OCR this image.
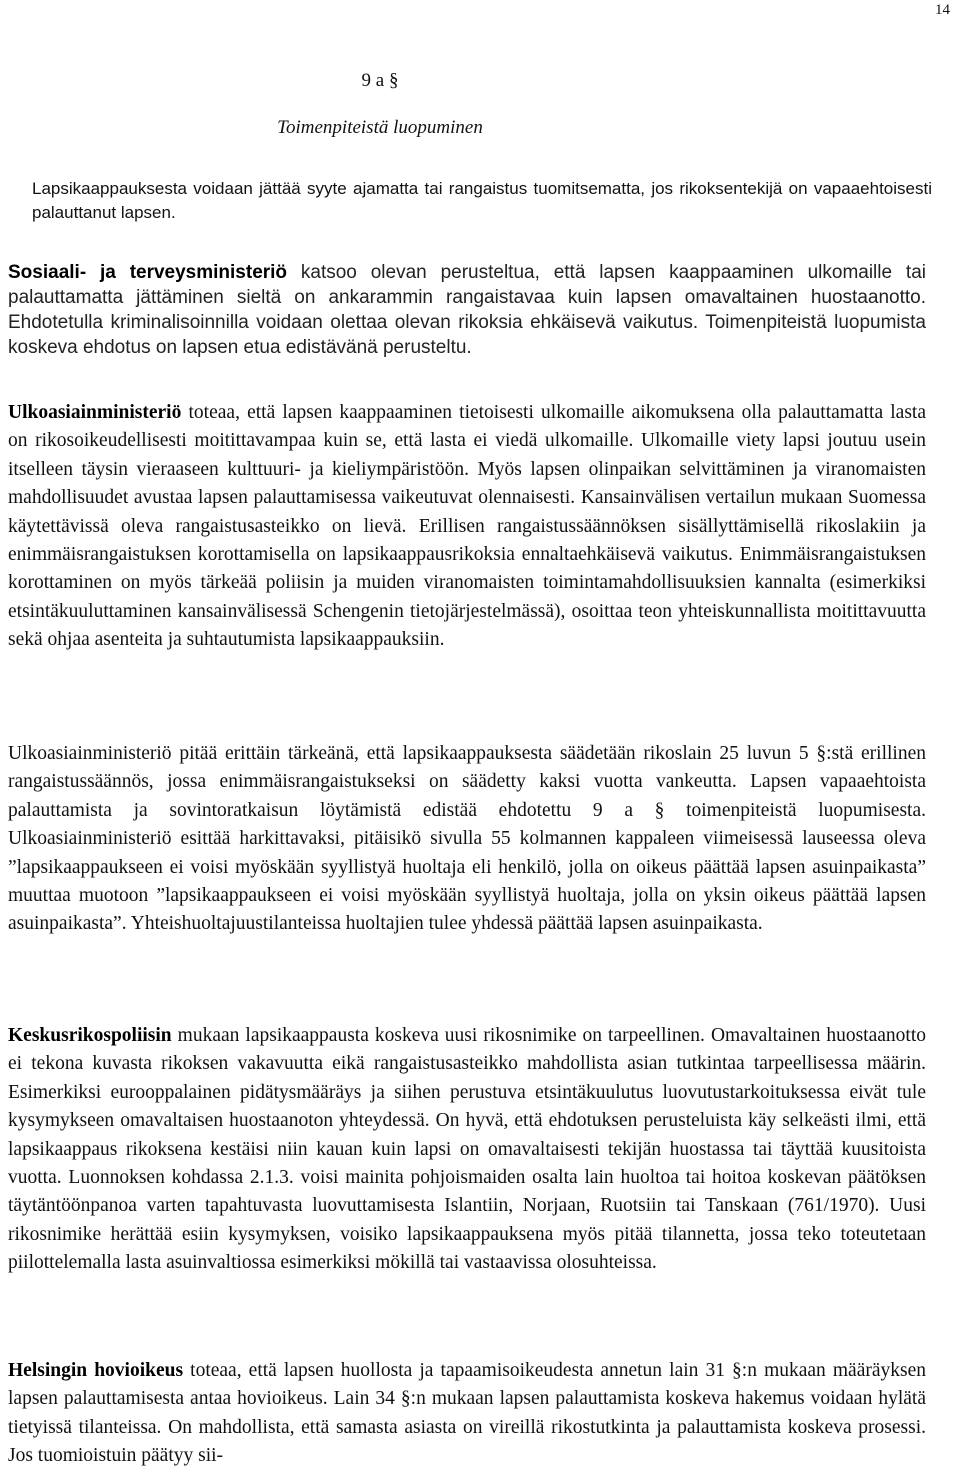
14
9 a §
Toimenpiteistä luopuminen

Lapsikaappauksesta voidaan jättää syyte ajamatta tai rangaistus tuomitsematta, jos rikoksentekijä on vapaaehtoisesti palauttanut lapsen.

Sosiaali- ja terveysministeriö katsoo olevan perusteltua, että lapsen kaappaaminen ulkomaille tai palauttamatta jättäminen sieltä on ankarammin rangaistavaa kuin lapsen omavaltainen huostaanotto. Ehdotetulla kriminalisoinnilla voidaan olettaa olevan rikoksia ehkäisevä vaikutus. Toimenpiteistä luopumista koskeva ehdotus on lapsen etua edistävänä perusteltu.

Ulkoasiainministeriö toteaa, että lapsen kaappaaminen tietoisesti ulkomaille aikomuksena olla palauttamatta lasta on rikosoikeudellisesti moitittavampaa kuin se, että lasta ei viedä ulkomaille. Ulkomaille viety lapsi joutuu usein itselleen täysin vieraaseen kulttuuri- ja kieliympäristöön. Myös lapsen olinpaikan selvittäminen ja viranomaisten mahdollisuudet avustaa lapsen palauttamisessa vaikeutuvat olennaisesti. Kansainvälisen vertailun mukaan Suomessa käytettävissä oleva rangaistusasteikko on lievä. Erillisen rangaistussäännöksen sisällyttämisellä rikoslakiin ja enimmäisrangaistuksen korottamisella on lapsikaappausrikoksia ennaltaehkäisevä vaikutus. Enimmäisrangaistuksen korottaminen on myös tärkeää poliisin ja muiden viranomaisten toimintamahdollisuuksien kannalta (esimerkiksi etsintäkuuluttaminen kansainvälisessä Schengenin tietojärjestelmässä), osoittaa teon yhteiskunnallista moitittavuutta sekä ohjaa asenteita ja suhtautumista lapsikaappauksiin.

Ulkoasiainministeriö pitää erittäin tärkeänä, että lapsikaappauksesta säädetään rikoslain 25 luvun 5 §:stä erillinen rangaistussäännös, jossa enimmäisrangaistukseksi on säädetty kaksi vuotta vankeutta. Lapsen vapaaehtoista palauttamista ja sovintoratkaisun löytämistä edistää ehdotettu 9 a § toimenpiteistä luopumisesta. Ulkoasiainministeriö esittää harkittavaksi, pitäisikö sivulla 55 kolmannen kappaleen viimeisessä lauseessa oleva ”lapsikaappaukseen ei voisi myöskään syyllistyä huoltaja eli henkilö, jolla on oikeus päättää lapsen asuinpaikasta” muuttaa muotoon ”lapsikaappaukseen ei voisi myöskään syyllistyä huoltaja, jolla on yksin oikeus päättää lapsen asuinpaikasta”. Yhteishuoltajuustilanteissa huoltajien tulee yhdessä päättää lapsen asuinpaikasta.

Keskusrikospoliisin mukaan lapsikaappausta koskeva uusi rikosnimike on tarpeellinen. Omavaltainen huostaanotto ei tekona kuvasta rikoksen vakavuutta eikä rangaistusasteikko mahdollista asian tutkintaa tarpeellisessa määrin. Esimerkiksi eurooppalainen pidätysmääräys ja siihen perustuva etsintäkuulutus luovutustarkoituksessa eivät tule kysymykseen omavaltaisen huostaanoton yhteydessä. On hyvä, että ehdotuksen perusteluista käy selkeästi ilmi, että lapsikaappaus rikoksena kestäisi niin kauan kuin lapsi on omavaltaisesti tekijän huostassa tai täyttää kuusitoista vuotta. Luonnoksen kohdassa 2.1.3. voisi mainita pohjoismaiden osalta lain huoltoa tai hoitoa koskevan päätöksen täytäntöönpanoa varten tapahtuvasta luovuttamisesta Islantiin, Norjaan, Ruotsiin tai Tanskaan (761/1970). Uusi rikosnimike herättää esiin kysymyksen, voisiko lapsikaappauksena myös pitää tilannetta, jossa teko toteutetaan piilottelemalla lasta asuinvaltiossa esimerkiksi mökillä tai vastaavissa olosuhteissa.

Helsingin hovioikeus toteaa, että lapsen huollosta ja tapaamisoikeudesta annetun lain 31 §:n mukaan määräyksen lapsen palauttamisesta antaa hovioikeus. Lain 34 §:n mukaan lapsen palauttamista koskeva hakemus voidaan hylätä tietyissä tilanteissa. On mahdollista, että samasta asiasta on vireillä rikostutkinta ja palauttamista koskeva prosessi. Jos tuomioistuin päätyy sii-
